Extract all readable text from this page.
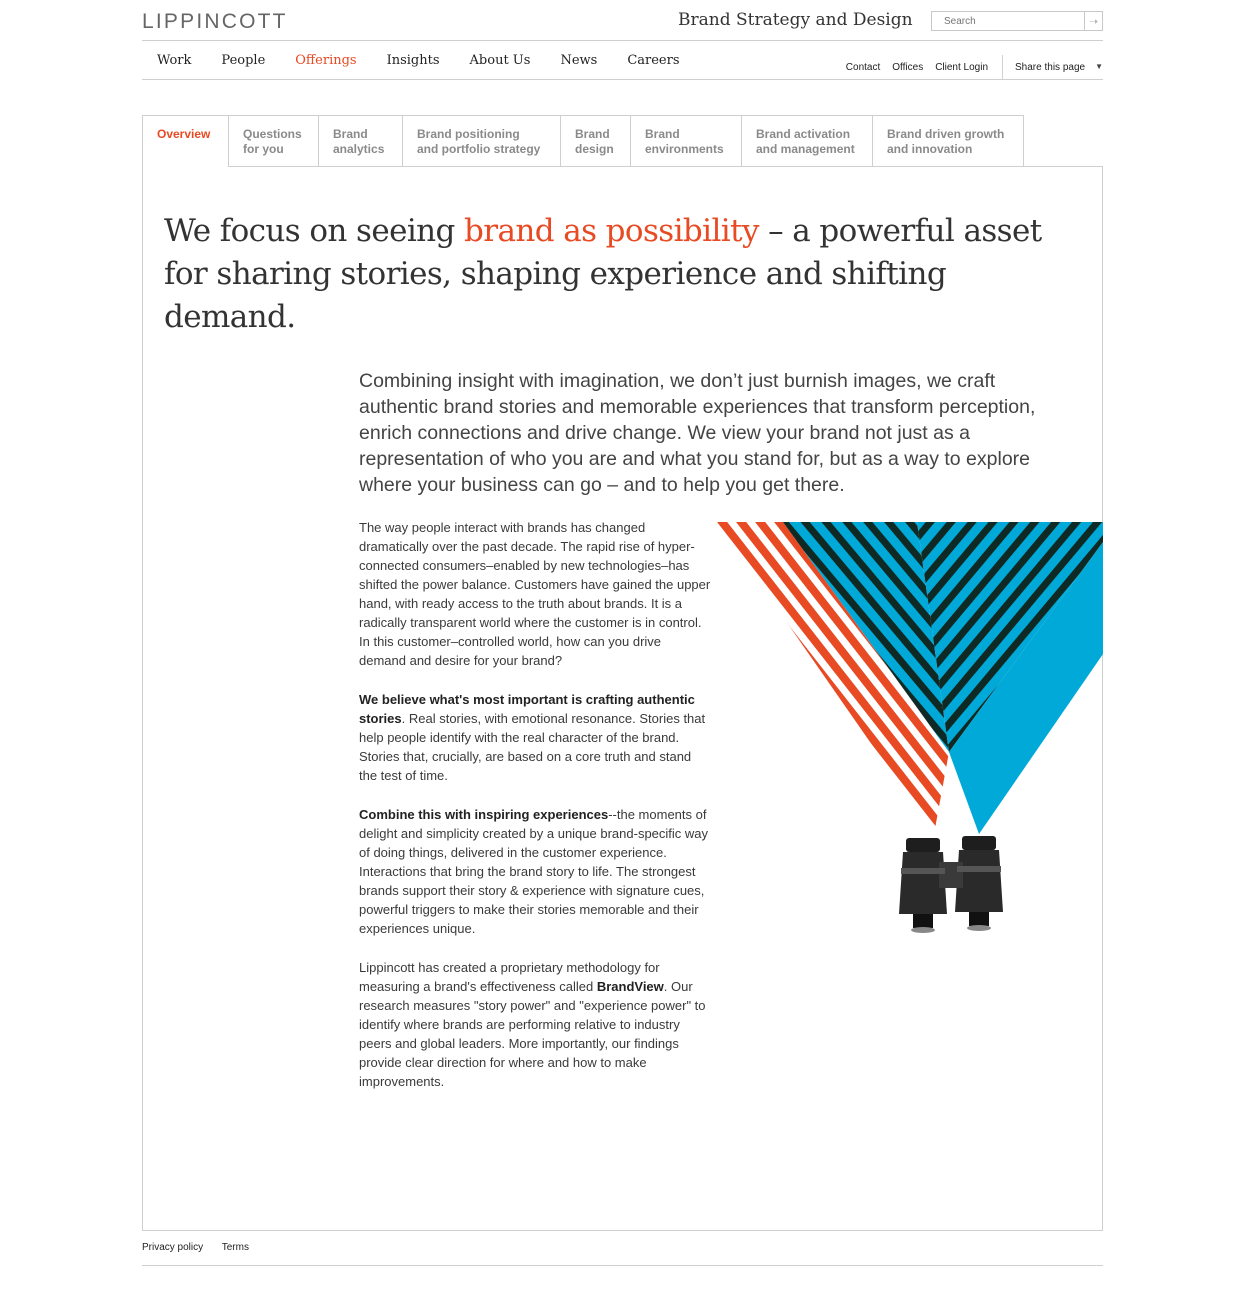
LIPPINCOTT	Brand Strategy and Design
Search	➝
Work People Offerings Insights About Us News Careers	Contact Offices Client Login	Share this page ▼
Overview	Questions
for you
Brand
analytics
Brand positioning
and portfolio strategy
Brand
design
Brand
environments
Brand activation
and management
Brand driven growth
and innovation
We focus on seeing brand as possibility – a powerful asset for sharing stories, shaping experience and shifting demand.
Combining insight with imagination, we don’t just burnish images, we craft authentic brand stories and memorable experiences that transform perception, enrich connections and drive change. We view your brand not just as a representation of who you are and what you stand for, but as a way to explore where your business can go – and to help you get there.

The way people interact with brands has changed dramatically over the past decade. The rapid rise of hyper-connected consumers–enabled by new technologies–has shifted the power balance. Customers have gained the upper hand, with ready access to the truth about brands. It is a radically transparent world where the customer is in control. In this customer–controlled world, how can you drive demand and desire for your brand?

We believe what's most important is crafting authentic stories. Real stories, with emotional resonance. Stories that help people identify with the real character of the brand. Stories that, crucially, are based on a core truth and stand the test of time.

Combine this with inspiring experiences--the moments of delight and simplicity created by a unique brand-specific way of doing things, delivered in the customer experience. Interactions that bring the brand story to life. The strongest brands support their story & experience with signature cues, powerful triggers to make their stories memorable and their experiences unique.

Lippincott has created a proprietary methodology for measuring a brand's effectiveness called BrandView. Our research measures "story power" and "experience power" to identify where brands are performing relative to industry peers and global leaders. More importantly, our findings provide clear direction for where and how to make improvements.

Privacy policy Terms
